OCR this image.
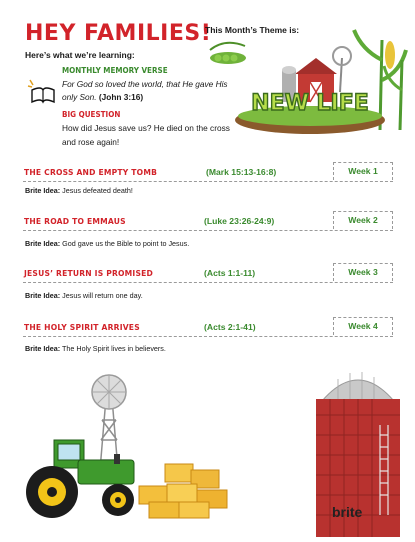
HEY FAMILIES!
Here’s what we’re learning:
This Month’s Theme is:
NEW LIFE
MONTHLY MEMORY VERSE
For God so loved the world, that He gave His
only Son. (John 3:16)
BIG QUESTION
How did Jesus save us? He died on the cross
and rose again!
THE CROSS AND EMPTY TOMB	(Mark 15:13-16:8)	Week 1
Brite Idea: Jesus defeated death!
THE ROAD TO EMMAUS	(Luke 23:26-24:9)	Week 2
Brite Idea: God gave us the Bible to point to Jesus.
JESUS’ RETURN IS PROMISED	(Acts 1:1-11)	Week 3
Brite Idea: Jesus will return one day.
THE HOLY SPIRIT ARRIVES	(Acts 2:1-41)	Week 4
Brite Idea: The Holy Spirit lives in believers.
brite
